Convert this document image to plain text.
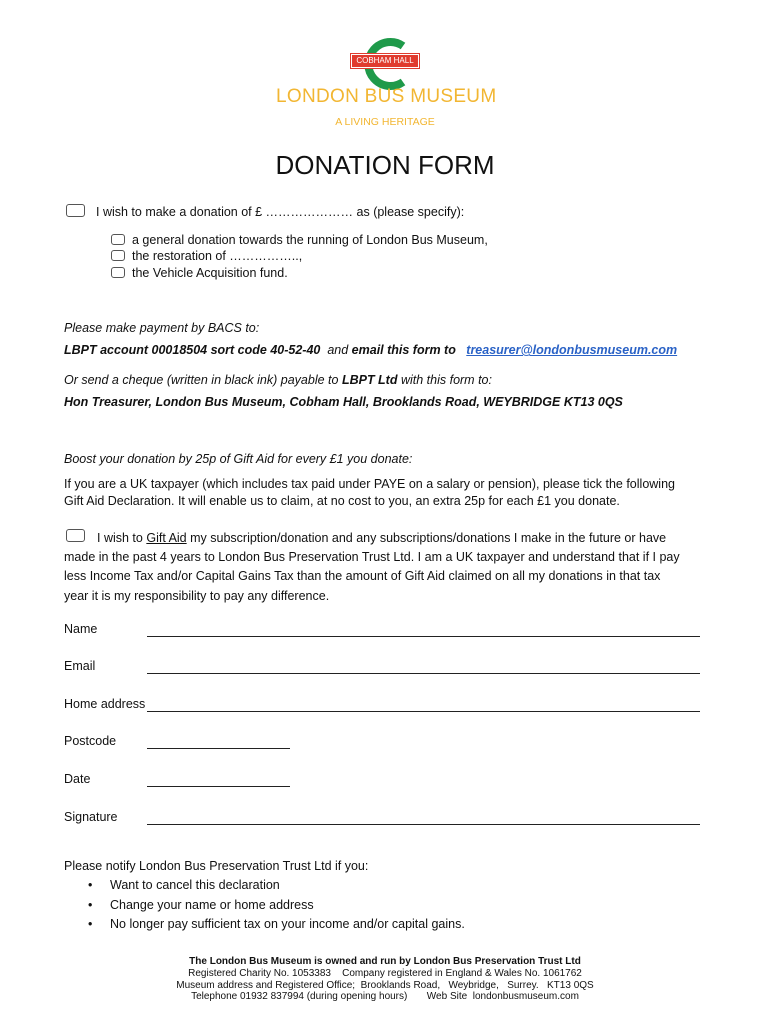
COBHAM HALL
LONDON BUS MUSEUM
A LIVING HERITAGE
DONATION FORM
I wish to make a donation of £ ………………… as (please specify):
a general donation towards the running of London Bus Museum,
the restoration of ……………..,
the Vehicle Acquisition fund.
Please make payment by BACS to:
LBPT account 00018504 sort code 40-52-40 and email this form to treasurer@londonbusmuseum.com
Or send a cheque (written in black ink) payable to LBPT Ltd with this form to:
Hon Treasurer, London Bus Museum, Cobham Hall, Brooklands Road, WEYBRIDGE KT13 0QS
Boost your donation by 25p of Gift Aid for every £1 you donate:
If you are a UK taxpayer (which includes tax paid under PAYE on a salary or pension), please tick the following
Gift Aid Declaration. It will enable us to claim, at no cost to you, an extra 25p for each £1 you donate.
I wish to Gift Aid my subscription/donation and any subscriptions/donations I make in the future or have
made in the past 4 years to London Bus Preservation Trust Ltd. I am a UK taxpayer and understand that if I pay
less Income Tax and/or Capital Gains Tax than the amount of Gift Aid claimed on all my donations in that tax
year it is my responsibility to pay any difference.
Name
Email
Home address
Postcode
Date
Signature
Please notify London Bus Preservation Trust Ltd if you:
Want to cancel this declaration
Change your name or home address
No longer pay sufficient tax on your income and/or capital gains.
The London Bus Museum is owned and run by London Bus Preservation Trust Ltd
Registered Charity No. 1053383    Company registered in England & Wales No. 1061762
Museum address and Registered Office;  Brooklands Road,   Weybridge,   Surrey.   KT13 0QS
Telephone 01932 837994 (during opening hours)       Web Site  londonbusmuseum.com
